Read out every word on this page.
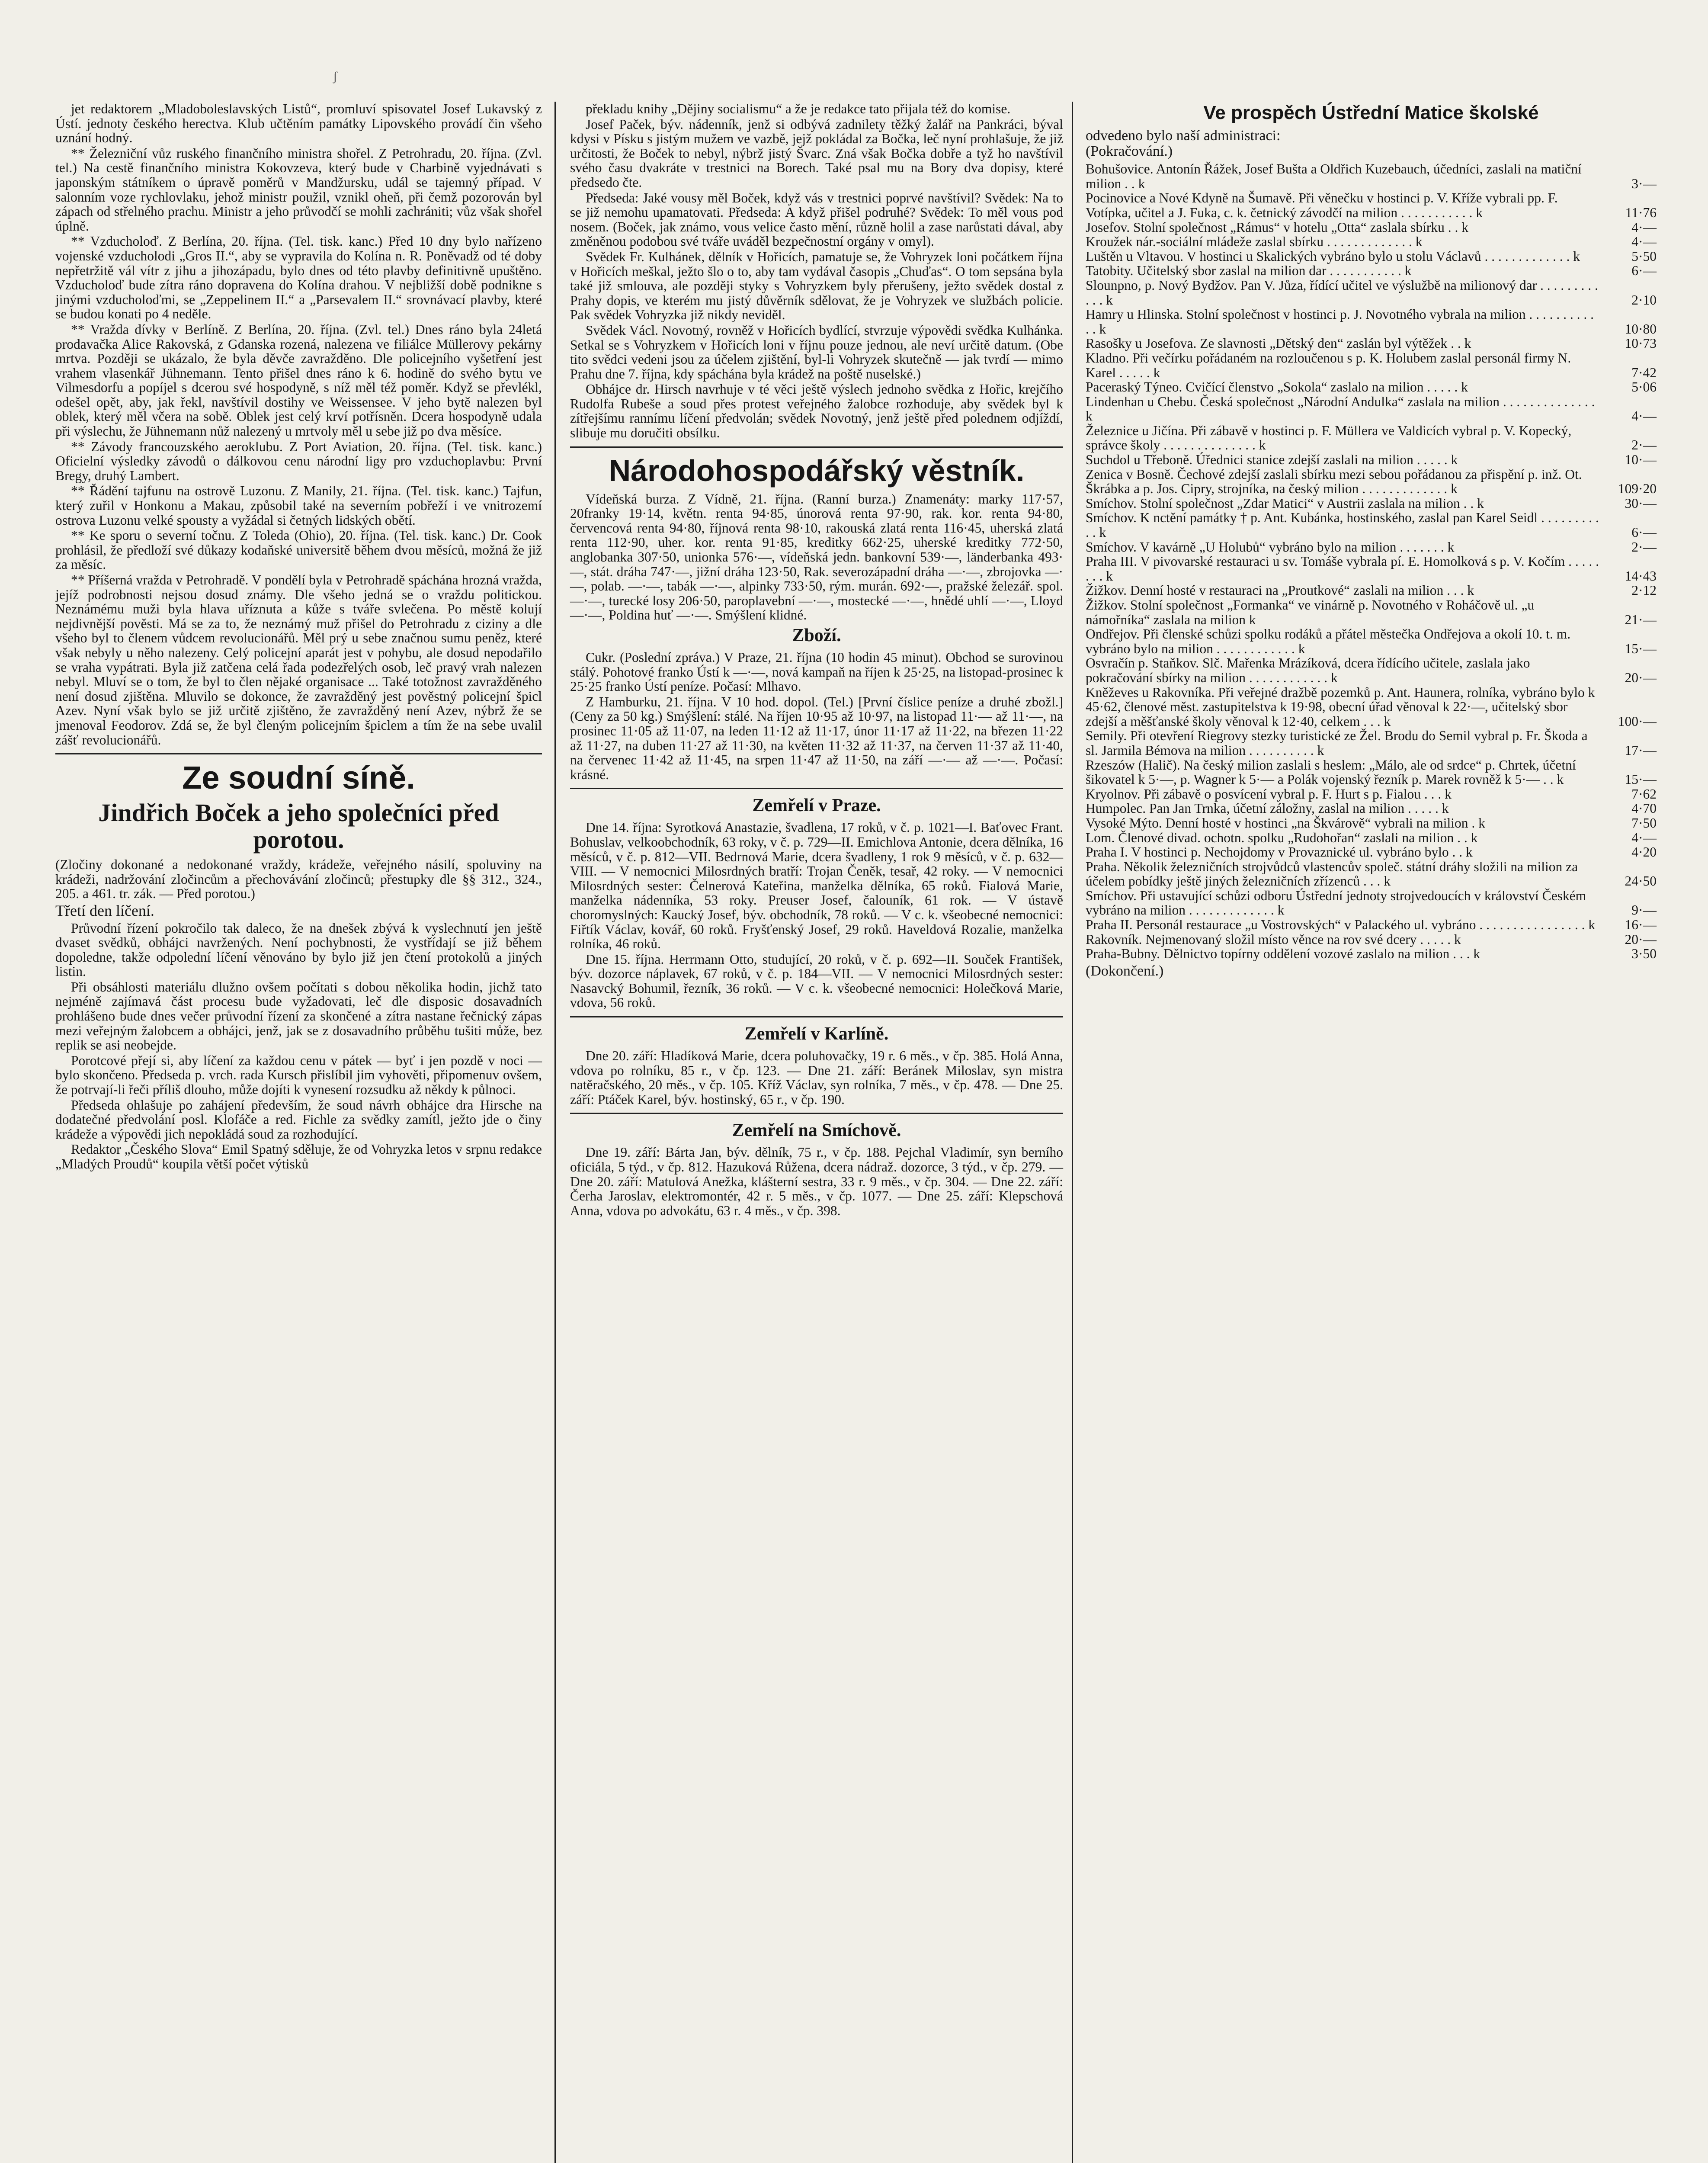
ʃ

jet redaktorem „Mladoboleslavských Listů“, promluví spisovatel Josef Lukavský z Ústí. jednoty českého herectva. Klub učtěním památky Lipovského provádí čin všeho uznání hodný.

** Železniční vůz ruského finančního ministra shořel. Z Petrohradu, 20. října. (Zvl. tel.) Na cestě finančního ministra Kokovzeva, který bude v Charbině vyjednávati s japonským státníkem o úpravě poměrů v Mandžursku, udál se tajemný případ. V salonním voze rychlovlaku, jehož ministr použil, vznikl oheň, při čemž pozorován byl zápach od střelného prachu. Ministr a jeho průvodčí se mohli zachrániti; vůz však shořel úplně.

** Vzducholoď. Z Berlína, 20. října. (Tel. tisk. kanc.) Před 10 dny bylo nařízeno vojenské vzducholodi „Gros II.“, aby se vypravila do Kolína n. R. Poněvadž od té doby nepřetržitě vál vítr z jihu a jihozápadu, bylo dnes od této plavby definitivně upuštěno. Vzducholoď bude zítra ráno dopravena do Kolína drahou. V nejbližší době podnikne s jinými vzducholoďmi, se „Zeppelinem II.“ a „Parsevalem II.“ srovnávací plavby, které se budou konati po 4 neděle.

** Vražda dívky v Berlíně. Z Berlína, 20. října. (Zvl. tel.) Dnes ráno byla 24letá prodavačka Alice Rakovská, z Gdanska rozená, nalezena ve filiálce Müllerovy pekárny mrtva. Později se ukázalo, že byla děvče zavražděno. Dle policejního vyšetření jest vrahem vlasenkář Jühnemann. Tento přišel dnes ráno k 6. hodině do svého bytu ve Vilmesdorfu a popíjel s dcerou své hospodyně, s níž měl též poměr. Když se převlékl, odešel opět, aby, jak řekl, navštívil dostihy ve Weissensee. V jeho bytě nalezen byl oblek, který měl včera na sobě. Oblek jest celý krví potřísněn. Dcera hospodyně udala při výslechu, že Jühnemann nůž nalezený u mrtvoly měl u sebe již po dva měsíce.

** Závody francouzského aeroklubu. Z Port Aviation, 20. října. (Tel. tisk. kanc.) Oficielní výsledky závodů o dálkovou cenu národní ligy pro vzduchoplavbu: První Bregy, druhý Lambert.

** Řádění tajfunu na ostrově Luzonu. Z Manily, 21. října. (Tel. tisk. kanc.) Tajfun, který zuřil v Honkonu a Makau, způsobil také na severním pobřeží i ve vnitrozemí ostrova Luzonu velké spousty a vyžádal si četných lidských obětí.

** Ke sporu o severní točnu. Z Toleda (Ohio), 20. října. (Tel. tisk. kanc.) Dr. Cook prohlásil, že předloží své důkazy kodaňské universitě během dvou měsíců, možná že již za měsíc.

** Příšerná vražda v Petrohradě. V pondělí byla v Petrohradě spáchána hrozná vražda, jejíž podrobnosti nejsou dosud známy. Dle všeho jedná se o vraždu politickou. Neznámému muži byla hlava uříznuta a kůže s tváře svlečena. Po městě kolují nejdivnější pověsti. Má se za to, že neznámý muž přišel do Petrohradu z ciziny a dle všeho byl to členem vůdcem revolucionářů. Měl prý u sebe značnou sumu peněz, které však nebyly u něho nalezeny. Celý policejní aparát jest v pohybu, ale dosud nepodařilo se vraha vypátrati. Byla již zatčena celá řada podezřelých osob, leč pravý vrah nalezen nebyl. Mluví se o tom, že byl to člen nějaké organisace ... Také totožnost zavražděného není dosud zjištěna. Mluvilo se dokonce, že zavražděný jest pověstný policejní špicl Azev. Nyní však bylo se již určitě zjištěno, že zavražděný není Azev, nýbrž že se jmenoval Feodorov. Zdá se, že byl členým policejním špiclem a tím že na sebe uvalil zášť revolucionářů.

Ze soudní síně.
Jindřich Boček a jeho společníci před porotou.

(Zločiny dokonané a nedokonané vraždy, krádeže, veřejného násilí, spoluviny na krádeži, nadržování zločincům a přechovávání zločinců; přestupky dle §§ 312., 324., 205. a 461. tr. zák. — Před porotou.)

Třetí den líčení.

Průvodní řízení pokročilo tak daleco, že na dnešek zbývá k vyslechnutí jen ještě dvaset svědků, obhájci navržených. Není pochybnosti, že vystřídají se již během dopoledne, takže odpolední líčení věnováno by bylo již jen čtení protokolů a jiných listin.

Při obsáhlosti materiálu dlužno ovšem počítati s dobou několika hodin, jichž tato nejméně zajímavá část procesu bude vyžadovati, leč dle disposic dosavadních prohlášeno bude dnes večer průvodní řízení za skončené a zítra nastane řečnický zápas mezi veřejným žalobcem a obhájci, jenž, jak se z dosavadního průběhu tušiti může, bez replik se asi neobejde.

Porotcové přejí si, aby líčení za každou cenu v pátek — byť i jen pozdě v noci — bylo skončeno. Předseda p. vrch. rada Kursch přislíbil jim vyhověti, připomenuv ovšem, že potrvají-li řeči příliš dlouho, může dojíti k vynesení rozsudku až někdy k půlnoci.

Předseda ohlašuje po zahájení především, že soud návrh obhájce dra Hirsche na dodatečné předvolání posl. Klofáče a red. Fichle za svědky zamítl, ježto jde o činy krádeže a výpovědi jich nepokládá soud za rozhodující.

Redaktor „Českého Slova“ Emil Spatný sděluje, že od Vohryzka letos v srpnu redakce „Mladých Proudů“ koupila větší počet výtisků

překladu knihy „Dějiny socialismu“ a že je redakce tato přijala též do komise.

Josef Paček, býv. nádenník, jenž si odbývá zadnilety těžký žalář na Pankráci, býval kdysi v Písku s jistým mužem ve vazbě, jejž pokládal za Bočka, leč nyní prohlašuje, že již určitosti, že Boček to nebyl, nýbrž jistý Švarc. Zná však Bočka dobře a tyž ho navštívil svého času dvakráte v trestnici na Borech. Také psal mu na Bory dva dopisy, které předsedo čte.

Předseda: Jaké vousy měl Boček, když vás v trestnici poprvé navštívil? Svědek: Na to se již nemohu upamatovati. Předseda: A když přišel podruhé? Svědek: To měl vous pod nosem. (Boček, jak známo, vous velice často mění, různě holil a zase narůstati dával, aby změněnou podobou své tváře uváděl bezpečnostní orgány v omyl).

Svědek Fr. Kulhánek, dělník v Hořicích, pamatuje se, že Vohryzek loni počátkem října v Hořicích meškal, ježto šlo o to, aby tam vydával časopis „Chuďas“. O tom sepsána byla také již smlouva, ale později styky s Vohryzkem byly přerušeny, ježto svědek dostal z Prahy dopis, ve kterém mu jistý důvěrník sdělovat, že je Vohryzek ve službách policie. Pak svědek Vohryzka již nikdy neviděl.

Svědek Václ. Novotný, rovněž v Hořicích bydlící, stvrzuje výpovědi svědka Kulhánka. Setkal se s Vohryzkem v Hořicích loni v říjnu pouze jednou, ale neví určitě datum. (Obe tito svědci vedeni jsou za účelem zjištění, byl-li Vohryzek skutečně — jak tvrdí — mimo Prahu dne 7. října, kdy spáchána byla krádež na poště nuselské.)

Obhájce dr. Hirsch navrhuje v té věci ještě výslech jednoho svědka z Hořic, krejčího Rudolfa Rubeše a soud přes protest veřejného žalobce rozhoduje, aby svědek byl k zítřejšímu rannímu líčení předvolán; svědek Novotný, jenž ještě před polednem odjíždí, slibuje mu doručiti obsílku.

Národohospodářský věstník.

Vídeňská burza. Z Vídně, 21. října. (Ranní burza.) Znamenáty: marky 117·57, 20franky 19·14, květn. renta 94·85, únorová renta 97·90, rak. kor. renta 94·80, červencová renta 94·80, říjnová renta 98·10, rakouská zlatá renta 116·45, uherská zlatá renta 112·90, uher. kor. renta 91·85, kreditky 662·25, uherské kreditky 772·50, anglobanka 307·50, unionka 576·—, vídeňská jedn. bankovní 539·—, länderbanka 493·—, stát. dráha 747·—, jižní dráha 123·50, Rak. severozápadní dráha —·—, zbrojovka —·—, polab. —·—, tabák —·—, alpinky 733·50, rým. murán. 692·—, pražské železář. spol. —·—, turecké losy 206·50, paroplavební —·—, mostecké —·—, hnědé uhlí —·—, Lloyd —·—, Poldina huť —·—. Smýšlení klidné.

Zboží.

Cukr. (Poslední zpráva.) V Praze, 21. října (10 hodin 45 minut). Obchod se surovinou stálý. Pohotové franko Ústí k —·—, nová kampaň na říjen k 25·25, na listopad-prosinec k 25·25 franko Ústí peníze. Počasí: Mlhavo.

Z Hamburku, 21. října. V 10 hod. dopol. (Tel.) [První číslice peníze a druhé zbožl.] (Ceny za 50 kg.) Smýšlení: stálé. Na říjen 10·95 až 10·97, na listopad 11·— až 11·—, na prosinec 11·05 až 11·07, na leden 11·12 až 11·17, únor 11·17 až 11·22, na březen 11·22 až 11·27, na duben 11·27 až 11·30, na květen 11·32 až 11·37, na červen 11·37 až 11·40, na červenec 11·42 až 11·45, na srpen 11·47 až 11·50, na září —·— až —·—. Počasí: krásné.

Zemřelí v Praze.

Dne 14. října: Syrotková Anastazie, švadlena, 17 roků, v č. p. 1021—I. Baťovec Frant. Bohuslav, velkoobchodník, 63 roky, v č. p. 729—II. Emichlova Antonie, dcera dělníka, 16 měsíců, v č. p. 812—VII. Bedrnová Marie, dcera švadleny, 1 rok 9 měsíců, v č. p. 632—VIII. — V nemocnici Milosrdných bratří: Trojan Čeněk, tesař, 42 roky. — V nemocnici Milosrdných sester: Čelnerová Kateřina, manželka dělníka, 65 roků. Fialová Marie, manželka nádenníka, 53 roky. Preuser Josef, čalouník, 61 rok. — V ústavě choromyslných: Kaucký Josef, býv. obchodník, 78 roků. — V c. k. všeobecné nemocnici: Fiřtík Václav, kovář, 60 roků. Fryšťenský Josef, 29 roků. Haveldová Rozalie, manželka rolníka, 46 roků.

Dne 15. října. Herrmann Otto, studující, 20 roků, v č. p. 692—II. Souček František, býv. dozorce náplavek, 67 roků, v č. p. 184—VII. — V nemocnici Milosrdných sester: Nasavcký Bohumil, řezník, 36 roků. — V c. k. všeobecné nemocnici: Holečková Marie, vdova, 56 roků.

Zemřelí v Karlíně.

Dne 20. září: Hladíková Marie, dcera poluhovačky, 19 r. 6 měs., v čp. 385. Holá Anna, vdova po rolníku, 85 r., v čp. 123. — Dne 21. září: Beránek Miloslav, syn mistra natěračského, 20 měs., v čp. 105. Kříž Václav, syn rolníka, 7 měs., v čp. 478. — Dne 25. září: Ptáček Karel, býv. hostinský, 65 r., v čp. 190.

Zemřelí na Smíchově.

Dne 19. září: Bárta Jan, býv. dělník, 75 r., v čp. 188. Pejchal Vladimír, syn berního oficiála, 5 týd., v čp. 812. Hazuková Růžena, dcera nádraž. dozorce, 3 týd., v čp. 279. — Dne 20. září: Matulová Anežka, klášterní sestra, 33 r. 9 měs., v čp. 304. — Dne 22. září: Čerha Jaroslav, elektromontér, 42 r. 5 měs., v čp. 1077. — Dne 25. září: Klepschová Anna, vdova po advokátu, 63 r. 4 měs., v čp. 398.

Ve prospěch Ústřední Matice školské

odvedeno bylo naší administraci:

(Pokračování.)

Bohušovice. Antonín Řážek, Josef Bušta a Oldřich Kuzebauch, účedníci, zaslali na matiční milion . . k	3·—
Pocinovice a Nové Kdyně na Šumavě. Při věnečku v hostinci p. V. Kříže vybrali pp. F. Votípka, učitel a J. Fuka, c. k. četnický závodčí na milion . . . . . . . . . . . k	11·76
Josefov. Stolní společnost „Rámus“ v hotelu „Otta“ zaslala sbírku . . k	4·—
Kroužek nár.-sociální mládeže zaslal sbírku . . . . . . . . . . . . . k	4·—
Luštěn u Vltavou. V hostinci u Skalických vybráno bylo u stolu Václavů . . . . . . . . . . . . . k	5·50
Tatobity. Učitelský sbor zaslal na milion dar . . . . . . . . . . . k	6·—
Slounpno, p. Nový Bydžov. Pan V. Jůza, řídící učitel ve výslužbě na milionový dar . . . . . . . . . . . . k	2·10
Hamry u Hlinska. Stolní společnost v hostinci p. J. Novotného vybrala na milion . . . . . . . . . . . . k	10·80
Rasošky u Josefova. Ze slavnosti „Dětský den“ zaslán byl výtěžek . . k	10·73
Kladno. Při večírku pořádaném na rozloučenou s p. K. Holubem zaslal personál firmy N. Karel . . . . . k	7·42
Paceraský Týneo. Cvičící členstvo „Sokola“ zaslalo na milion . . . . . k	5·06
Lindenhan u Chebu. Česká společnost „Národní Andulka“ zaslala na milion . . . . . . . . . . . . . . k	4·—
Železnice u Jičína. Při zábavě v hostinci p. F. Müllera ve Valdicích vybral p. V. Kopecký, správce školy . . . . . . . . . . . . . . k	2·—
Suchdol u Třeboně. Úřednici stanice zdejší zaslali na milion . . . . . k	10·—
Zenica v Bosně. Čechové zdejší zaslali sbírku mezi sebou pořádanou za přispění p. inž. Ot. Škrábka a p. Jos. Cipry, strojníka, na český milion . . . . . . . . . . . . . k	109·20
Smíchov. Stolní společnost „Zdar Matici“ v Austrii zaslala na milion . . k	30·—
Smíchov. K nctění památky † p. Ant. Kubánka, hostinského, zaslal pan Karel Seidl . . . . . . . . . . . k	6·—
Smíchov. V kavárně „U Holubů“ vybráno bylo na milion . . . . . . . k	2·—
Praha III. V pivovarské restauraci u sv. Tomáše vybrala pí. E. Homolková s p. V. Kočím . . . . . . . . k	14·43
Žižkov. Denní hosté v restauraci na „Proutkové“ zaslali na milion . . . k	2·12
Žižkov. Stolní společnost „Formanka“ ve vinárně p. Novotného v Roháčově ul. „u námořníka“ zaslala na milion k	21·—
Ondřejov. Při členské schůzi spolku rodáků a přátel městečka Ondřejova a okolí 10. t. m. vybráno bylo na milion . . . . . . . . . . . . k	15·—
Osvračín p. Staňkov. Slč. Mařenka Mrázíková, dcera řídícího učitele, zaslala jako pokračování sbírky na milion . . . . . . . . . . . . k	20·—
Kněževes u Rakovníka. Při veřejné dražbě pozemků p. Ant. Haunera, rolníka, vybráno bylo k 45·62, členové měst. zastupitelstva k 19·98, obecní úřad věnoval k 22·—, učitelský sbor zdejší a měšťanské školy věnoval k 12·40, celkem . . . k	100·—
Semily. Při otevření Riegrovy stezky turistické ze Žel. Brodu do Semil vybral p. Fr. Škoda a sl. Jarmila Bémova na milion . . . . . . . . . . k	17·—
Rzeszów (Halič). Na český milion zaslali s heslem: „Málo, ale od srdce“ p. Chrtek, účetní šikovatel k 5·—, p. Wagner k 5·— a Polák vojenský řezník p. Marek rovněž k 5·— . . k	15·—
Kryolnov. Při zábavě o posvícení vybral p. F. Hurt s p. Fialou . . . k	7·62
Humpolec. Pan Jan Trnka, účetní záložny, zaslal na milion . . . . . k	4·70
Vysoké Mýto. Denní hosté v hostinci „na Škvárově“ vybrali na milion . k	7·50
Lom. Členové divad. ochotn. spolku „Rudohořan“ zaslali na milion . . k	4·—
Praha I. V hostinci p. Nechojdomy v Provaznické ul. vybráno bylo . . k	4·20
Praha. Několik železničních strojvůdců vlastencův společ. státní dráhy složili na milion za účelem pobídky ještě jiných železničních zřízenců . . . k	24·50
Smíchov. Při ustavující schůzi odboru Ústřední jednoty strojvedoucích v království Českém vybráno na milion . . . . . . . . . . . . . k	9·—
Praha II. Personál restaurace „u Vostrovských“ v Palackého ul. vybráno . . . . . . . . . . . . . . . . k	16·—
Rakovník. Nejmenovaný složil místo věnce na rov své dcery . . . . . k	20·—
Praha-Bubny. Dělnictvo topírny oddělení vozové zaslalo na milion . . . k	3·50

(Dokončení.)
